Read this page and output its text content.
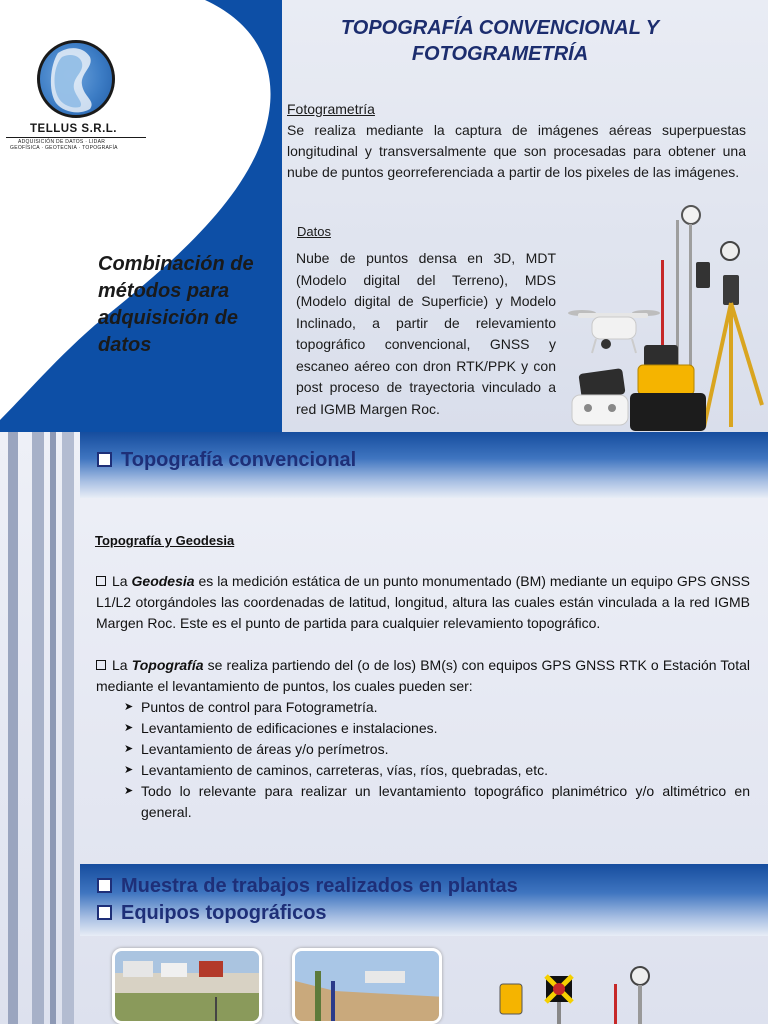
TELLUS S.R.L.
ADQUISICIÓN DE DATOS · LIDAR
GEOFÍSICA · GEOTECNIA · TOPOGRAFÍA
Combinación de métodos para adquisición de datos
TOPOGRAFÍA CONVENCIONAL Y FOTOGRAMETRÍA
Fotogrametría
Se realiza mediante la captura de imágenes aéreas superpuestas longitudinal y transversalmente que son procesadas para obtener una nube de puntos georreferenciada a partir de los pixeles de las imágenes.
Datos
Nube de puntos densa en 3D, MDT (Modelo digital del Terreno), MDS (Modelo digital de Superficie) y Modelo Inclinado, a partir de relevamiento topográfico convencional, GNSS y escaneo aéreo con dron RTK/PPK y con post proceso de trayectoria vinculado a red IGMB Margen Roc.
Topografía convencional
Topografía y Geodesia
La Geodesia es la medición estática de un punto monumentado (BM) mediante un equipo GPS GNSS L1/L2 otorgándoles las coordenadas de latitud, longitud, altura las cuales están vinculada a la red IGMB Margen Roc. Este es el punto de partida para cualquier relevamiento topográfico.
La Topografía se realiza partiendo del (o de los) BM(s) con equipos GPS GNSS RTK o Estación Total mediante el levantamiento de puntos, los cuales pueden ser:
➤ Puntos de control para Fotogrametría.
➤ Levantamiento de edificaciones e instalaciones.
➤ Levantamiento de áreas y/o perímetros.
➤ Levantamiento de caminos, carreteras, vías, ríos, quebradas, etc.
➤ Todo lo relevante para realizar un levantamiento topográfico planimétrico y/o altimétrico en general.
Muestra de trabajos realizados en plantas
Equipos topográficos
